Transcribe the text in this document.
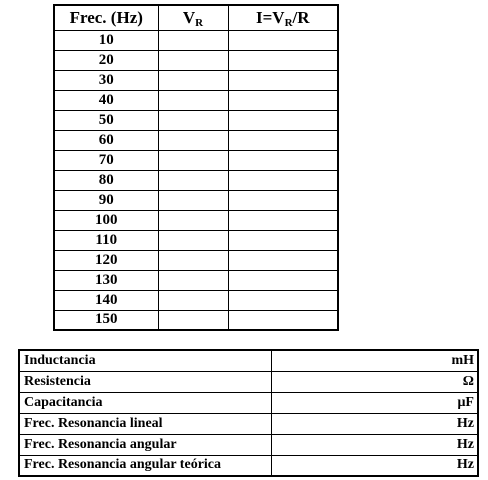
Frec. (Hz)	$V_R$	$I=V_R/R$
10		
20		
30		
40		
50		
60		
70		
80		
90		
100		
110		
120		
130		
140		
150		
Inductancia	mH
Resistencia	Ω
Capacitancia	μF
Frec. Resonancia lineal	Hz
Frec. Resonancia angular	Hz
Frec. Resonancia angular teórica	Hz
